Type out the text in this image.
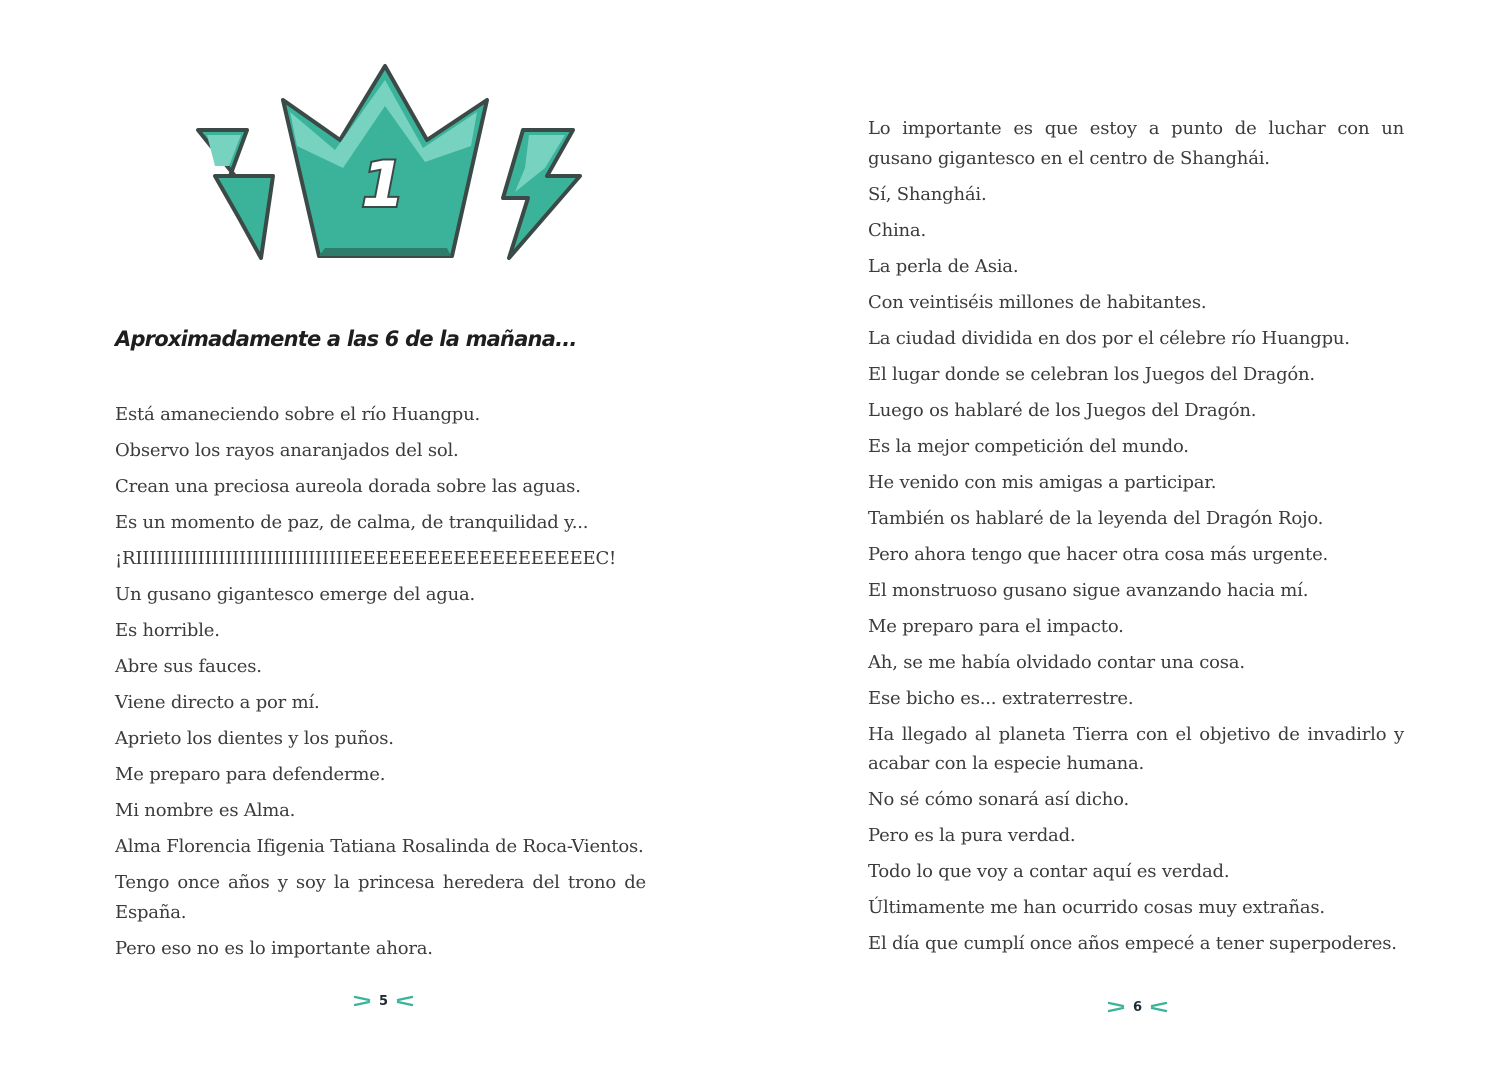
1
Aproximadamente a las 6 de la mañana...

Está amaneciendo sobre el río Huangpu.

Observo los rayos anaranjados del sol.

Crean una preciosa aureola dorada sobre las aguas.

Es un momento de paz, de calma, de tranquilidad y...

¡RIIIIIIIIIIIIIIIIIIIIIIIIIIIIIIIEEEEEEEEEEEEEEEEEEEC!

Un gusano gigantesco emerge del agua.

Es horrible.

Abre sus fauces.

Viene directo a por mí.

Aprieto los dientes y los puños.

Me preparo para defenderme.

Mi nombre es Alma.

Alma Florencia Ifigenia Tatiana Rosalinda de Roca-Vientos.

Tengo once años y soy la princesa heredera del trono de España.

Pero eso no es lo importante ahora.

5

Lo importante es que estoy a punto de luchar con un gusano gigantesco en el centro de Shanghái.

Sí, Shanghái.

China.

La perla de Asia.

Con veintiséis millones de habitantes.

La ciudad dividida en dos por el célebre río Huangpu.

El lugar donde se celebran los Juegos del Dragón.

Luego os hablaré de los Juegos del Dragón.

Es la mejor competición del mundo.

He venido con mis amigas a participar.

También os hablaré de la leyenda del Dragón Rojo.

Pero ahora tengo que hacer otra cosa más urgente.

El monstruoso gusano sigue avanzando hacia mí.

Me preparo para el impacto.

Ah, se me había olvidado contar una cosa.

Ese bicho es... extraterrestre.

Ha llegado al planeta Tierra con el objetivo de invadirlo y acabar con la especie humana.

No sé cómo sonará así dicho.

Pero es la pura verdad.

Todo lo que voy a contar aquí es verdad.

Últimamente me han ocurrido cosas muy extrañas.

El día que cumplí once años empecé a tener superpoderes.

6
